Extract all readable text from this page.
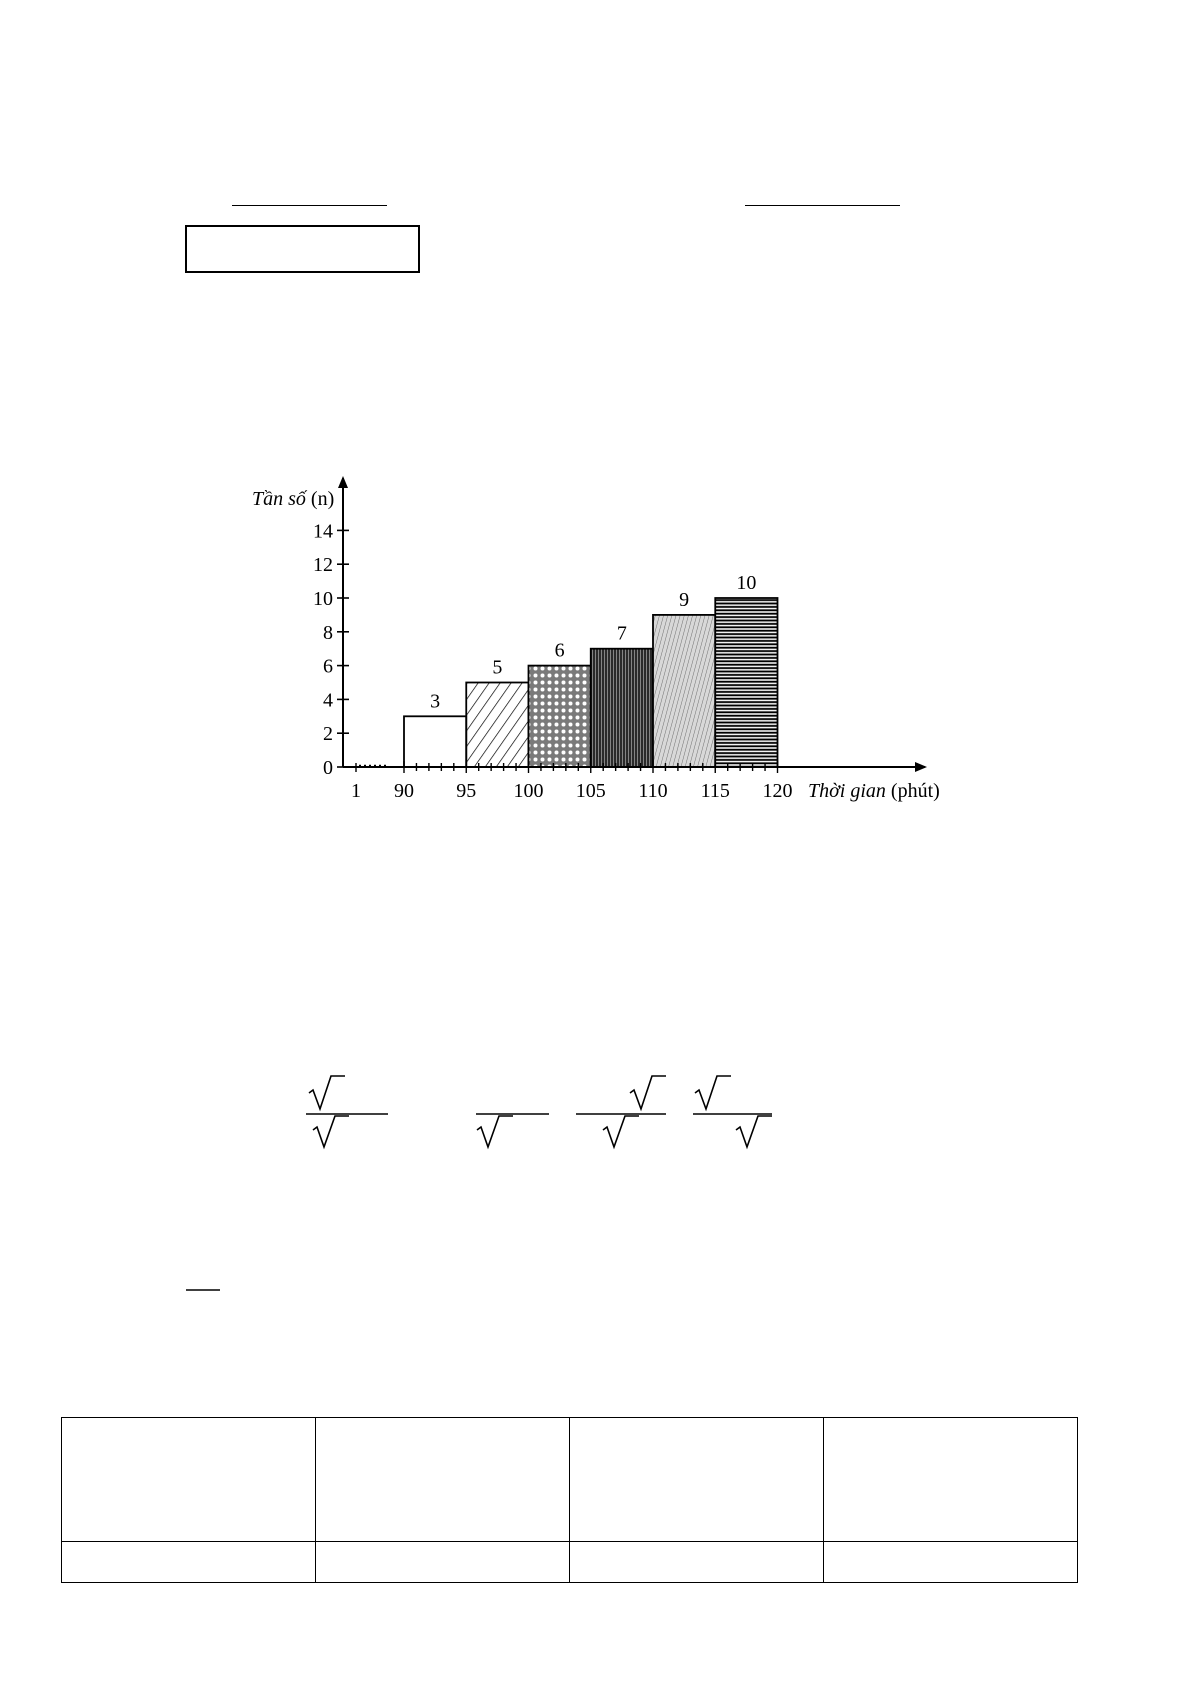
3
5
6
7
9
10
0
2
4
6
8
10
12
14
1 90 95 100 105 110 115 120
Tần số (n)
Thời gian (phút)
